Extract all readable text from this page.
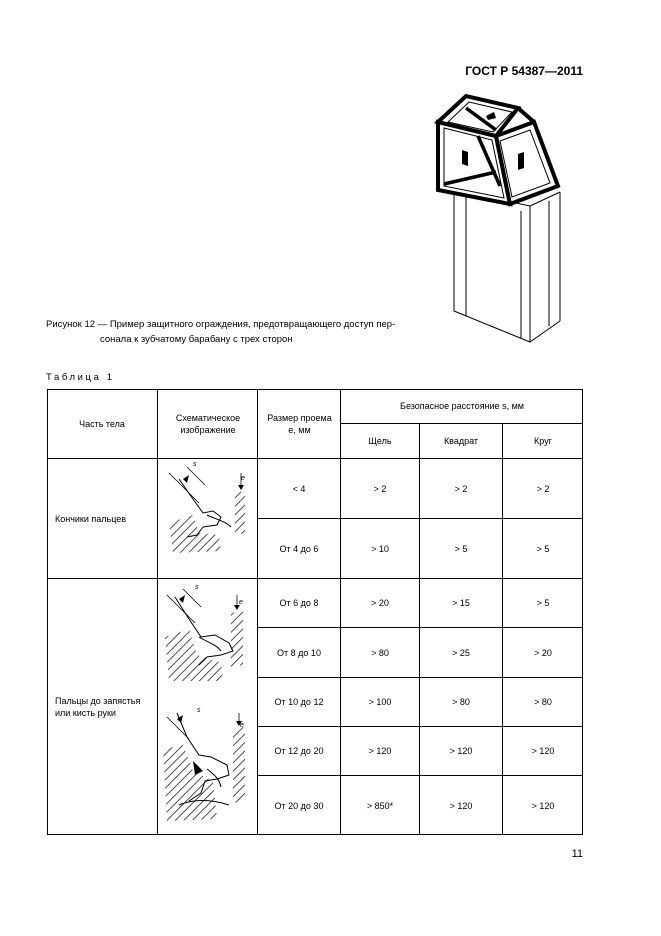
ГОСТ Р 54387—2011
Рисунок 12 — Пример защитного ограждения, предотвращающего доступ пер-
сонала к зубчатому барабану с трех сторон
Таблица 1
Часть тела
Схематическое изображение
Размер проема e, мм
Безопасное расстояние s, мм
Щель	Квадрат	Круг
Кончики пальцев
< 4	> 2	> 2	> 2
От 4 до 6	> 10	> 5	> 5
Пальцы до запястья или кисть руки
От 6 до 8	> 20	> 15	> 5
От 8 до 10	> 80	> 25	> 20
От 10 до 12	> 100	> 80	> 80
От 12 до 20	> 120	> 120	> 120
От 20 до 30	> 850*	> 120	> 120
s
e
s
e
s
e
11
